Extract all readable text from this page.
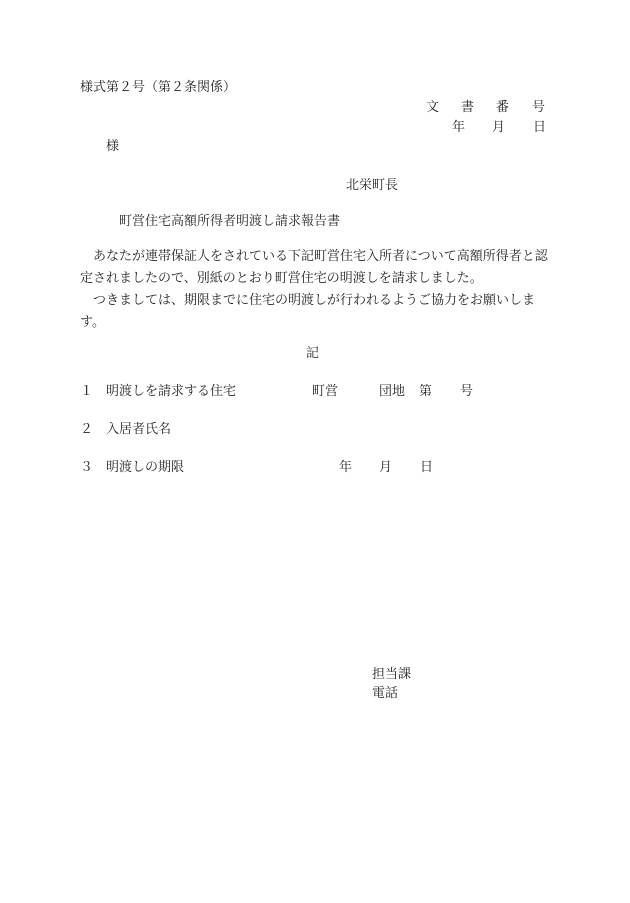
様式第２号（第２条関係）
文 書 番 号
年 月 日
様
北栄町長
町営住宅高額所得者明渡し請求報告書

あなたが連帯保証人をされている下記町営住宅入所者について高額所得者と認定されましたので、別紙のとおり町営住宅の明渡しを請求しました。

つきましては、期限までに住宅の明渡しが行われるようご協力をお願いします。

記
１ 明渡しを請求する住宅	町営	団地 第 号
２ 入居者氏名
３ 明渡しの期限	年 月 日
担当課
電話
